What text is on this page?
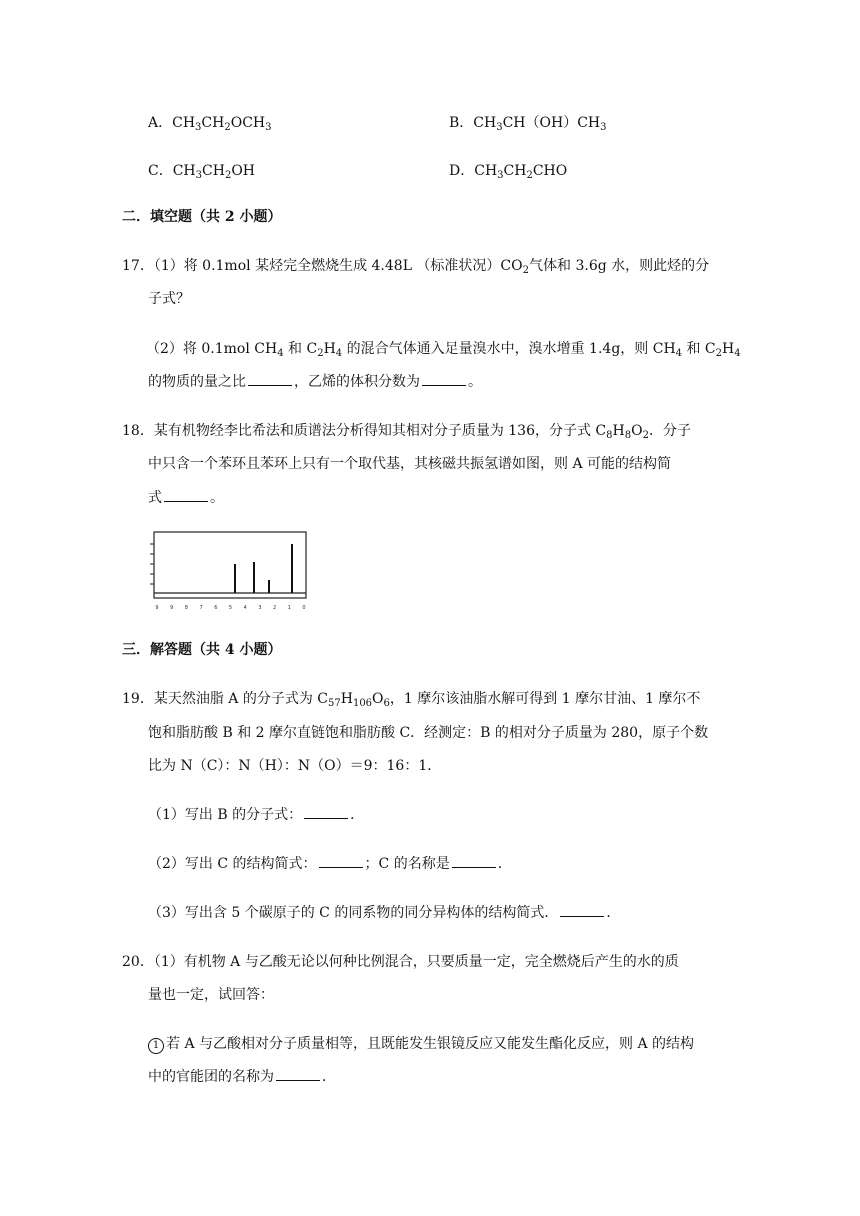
A．$CH_3CH_2OCH_3$	B．$CH_3CH(OH)CH_3$
C．$CH_3CH_2OH$	D．$CH_3CH_2CHO$
二．填空题（共 2 小题）
17．（1）将 0.1mol 某烃完全燃烧生成 4.48L （标准状况）$CO_2$气体和 3.6g 水，则此烃的分
子式？
（2）将 0.1mol $CH_4$ 和 $C_2H_4$ 的混合气体通入足量溴水中，溴水增重 1.4g，则 $CH_4$ 和 $C_2H_4$
的物质的量之比	，乙烯的体积分数为	。
18．某有机物经李比希法和质谱法分析得知其相对分子质量为 136，分子式 $C_8H_8O_2$．分子
中只含一个苯环且苯环上只有一个取代基，其核磁共振氢谱如图，则 A 可能的结构简
式	。
9 9 8 7 6 5 4 3 2 1 0
三．解答题（共 4 小题）
19．某天然油脂 A 的分子式为 $C_{57}H_{106}O_6$，1 摩尔该油脂水解可得到 1 摩尔甘油、1 摩尔不
饱和脂肪酸 B 和 2 摩尔直链饱和脂肪酸 C．经测定：B 的相对分子质量为 280，原子个数
比为 N（C）：N（H）：N（O）＝9：16：1．
（1）写出 B 的分子式：	．
（2）写出 C 的结构简式：	；C 的名称是	．
（3）写出含 5 个碳原子的 C 的同系物的同分异构体的结构简式．	．
20．（1）有机物 A 与乙酸无论以何种比例混合，只要质量一定，完全燃烧后产生的水的质
量也一定，试回答：
1 若 A 与乙酸相对分子质量相等，且既能发生银镜反应又能发生酯化反应，则 A 的结构
中的官能团的名称为	．
